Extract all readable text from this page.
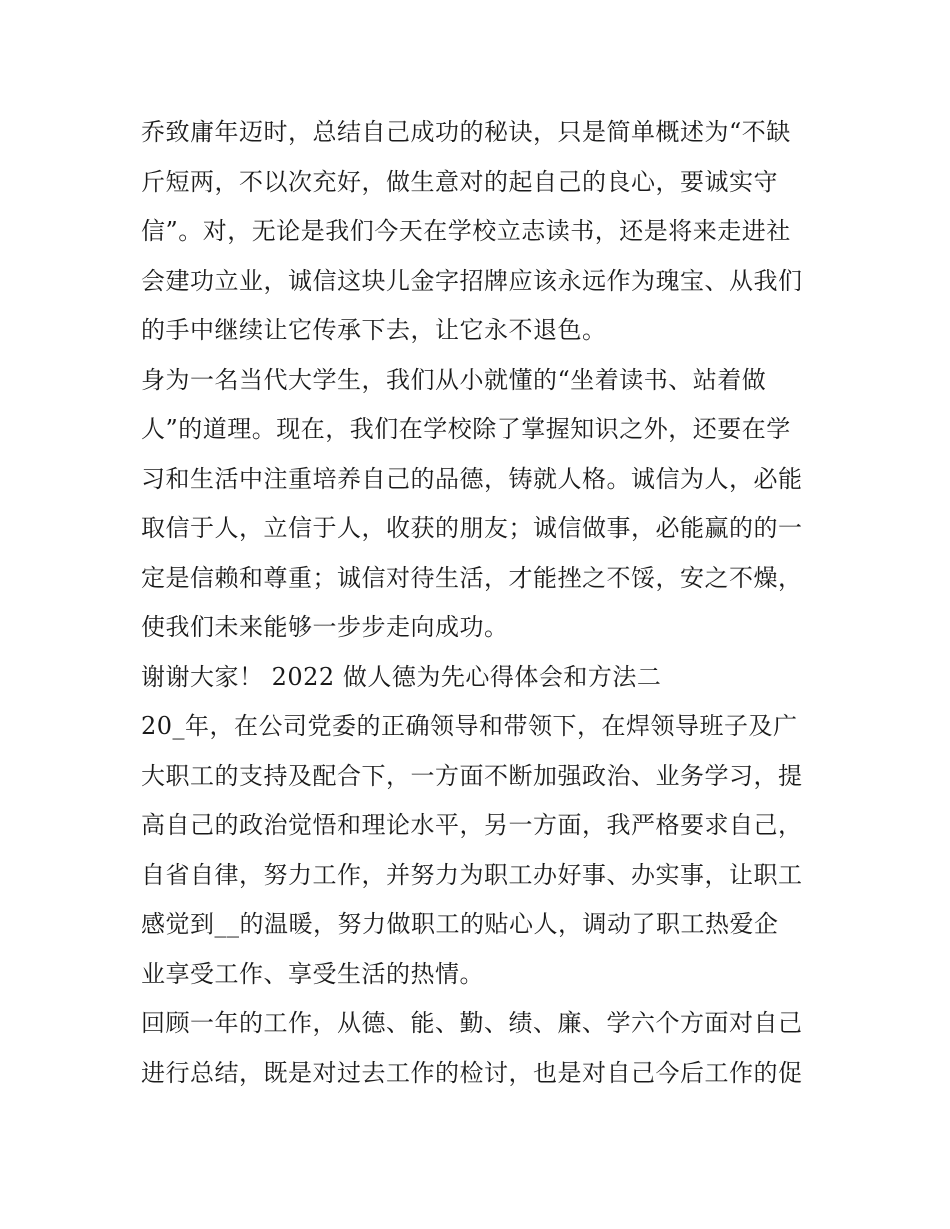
乔致庸年迈时，总结自己成功的秘诀，只是简单概述为“不缺
斤短两，不以次充好，做生意对的起自己的良心，要诚实守
信”。对，无论是我们今天在学校立志读书，还是将来走进社
会建功立业，诚信这块儿金字招牌应该永远作为瑰宝、从我们
的手中继续让它传承下去，让它永不退色。
身为一名当代大学生，我们从小就懂的“坐着读书、站着做
人”的道理。现在，我们在学校除了掌握知识之外，还要在学
习和生活中注重培养自己的品德，铸就人格。诚信为人，必能
取信于人，立信于人，收获的朋友；诚信做事，必能赢的的一
定是信赖和尊重；诚信对待生活，才能挫之不馁，安之不燥，
使我们未来能够一步步走向成功。
谢谢大家！ 2022 做人德为先心得体会和方法二
20_年，在公司党委的正确领导和带领下，在焊领导班子及广
大职工的支持及配合下，一方面不断加强政治、业务学习，提
高自己的政治觉悟和理论水平，另一方面，我严格要求自己，
自省自律，努力工作，并努力为职工办好事、办实事，让职工
感觉到__的温暖，努力做职工的贴心人，调动了职工热爱企
业享受工作、享受生活的热情。
回顾一年的工作，从德、能、勤、绩、廉、学六个方面对自己
进行总结，既是对过去工作的检讨，也是对自己今后工作的促
